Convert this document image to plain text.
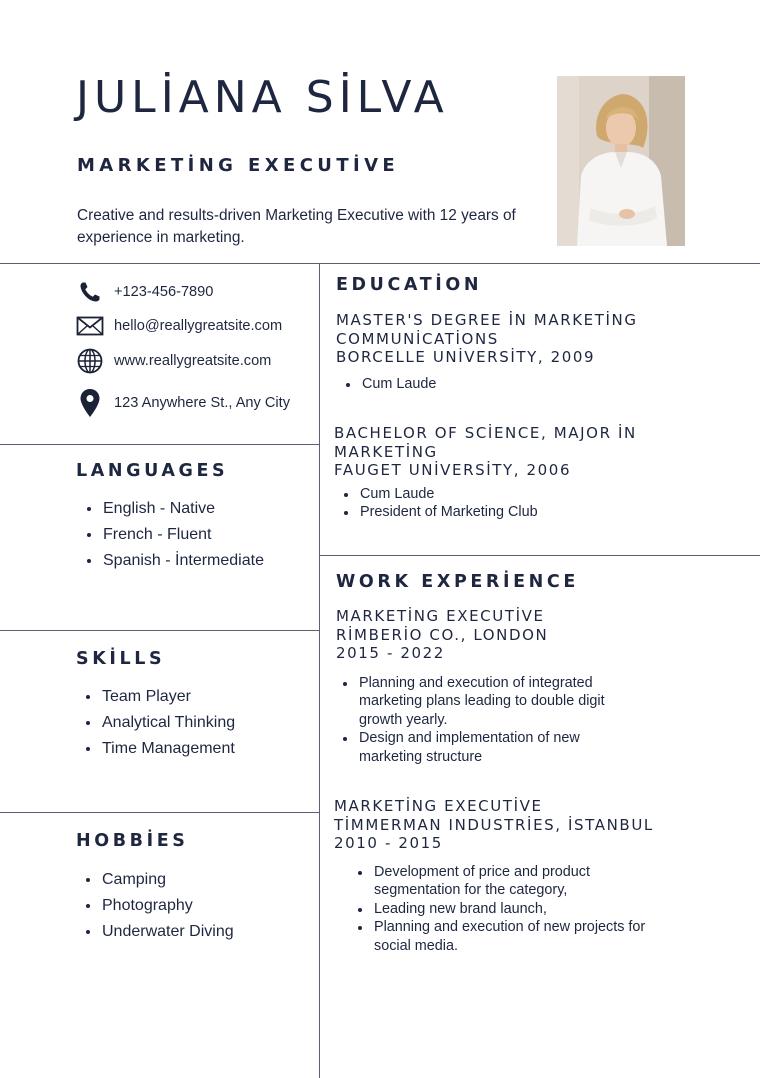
JULİANA SİLVA
MARKETİNG EXECUTİVE

Creative and results-driven Marketing Executive with 12 years of experience in marketing.

+123-456-7890
hello@reallygreatsite.com
www.reallygreatsite.com
123 Anywhere St., Any City
LANGUAGES
English - Native
French - Fluent
Spanish - İntermediate
SKİLLS
Team Player
Analytical Thinking
Time Management
HOBBİES
Camping
Photography
Underwater Diving
EDUCATİON

MASTER'S DEGREE İN MARKETİNG

COMMUNİCATİONS

BORCELLE UNİVERSİTY, 2009

Cum Laude

BACHELOR OF SCİENCE, MAJOR İN

MARKETİNG

FAUGET UNİVERSİTY, 2006

Cum Laude
President of Marketing Club
WORK EXPERİENCE

MARKETİNG EXECUTİVE

RİMBERİO CO., LONDON

2015 - 2022

Planning and execution of integrated
marketing plans leading to double digit
growth yearly.
Design and implementation of new
marketing structure

MARKETİNG EXECUTİVE

TİMMERMAN INDUSTRİES, İSTANBUL

2010 - 2015

Development of price and product
segmentation for the category,
Leading new brand launch,
Planning and execution of new projects for
social media.
